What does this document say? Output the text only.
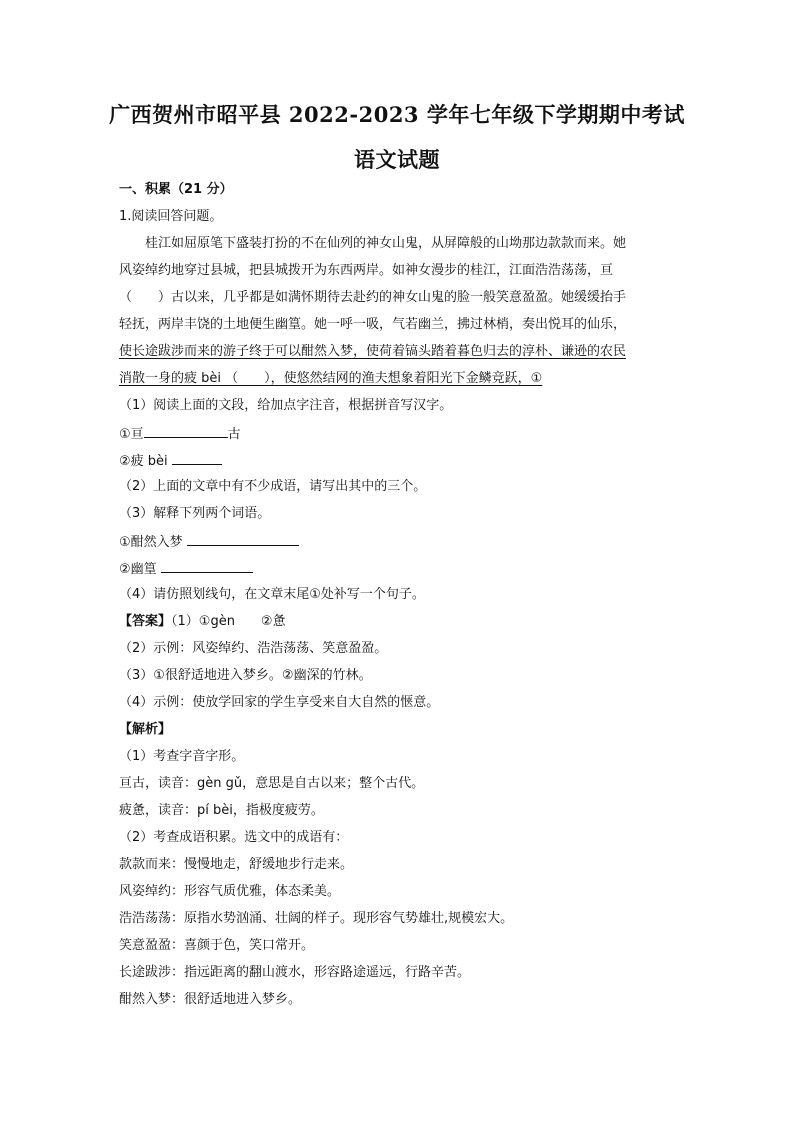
广西贺州市昭平县 2022-2023 学年七年级下学期期中考试
语文试题
一、积累（21 分）
1.阅读回答问题。
桂江如屈原笔下盛装打扮的不在仙列的神女山鬼，从屏障般的山坳那边款款而来。她
风姿绰约地穿过县城，把县城拨开为东西两岸。如神女漫步的桂江，江面浩浩荡荡，亘
（　　）古以来，几乎都是如满怀期待去赴约的神女山鬼的脸一般笑意盈盈。她缓缓抬手
轻抚，两岸丰饶的土地便生幽篁。她一呼一吸，气若幽兰，拂过林梢，奏出悦耳的仙乐，
使长途跋涉而来的游子终于可以酣然入梦，使荷着镐头踏着暮色归去的淳朴、谦逊的农民
消散一身的疲 bèi （　　），使悠然结网的渔夫想象着阳光下金鳞竞跃，①
（1）阅读上面的文段，给加点字注音，根据拼音写汉字。
①亘	古
②疲 bèi
（2）上面的文章中有不少成语，请写出其中的三个。
（3）解释下列两个词语。
①酣然入梦
②幽篁
（4）请仿照划线句，在文章末尾①处补写一个句子。
【答案】（1）①gèn　　②惫
（2）示例：风姿绰约、浩浩荡荡、笑意盈盈。
（3）①很舒适地进入梦乡。②幽深的竹林。
（4）示例：使放学回家的学生享受来自大自然的惬意。
【解析】
（1）考查字音字形。
亘古，读音：gèn gǔ，意思是自古以来；整个古代。
疲惫，读音：pí bèi，指极度疲劳。
（2）考查成语积累。选文中的成语有：
款款而来：慢慢地走，舒缓地步行走来。
风姿绰约：形容气质优雅，体态柔美。
浩浩荡荡：原指水势汹涌、壮阔的样子。现形容气势雄壮,规模宏大。
笑意盈盈：喜颜于色，笑口常开。
长途跋涉：指远距离的翻山渡水，形容路途遥远，行路辛苦。
酣然入梦：很舒适地进入梦乡。
